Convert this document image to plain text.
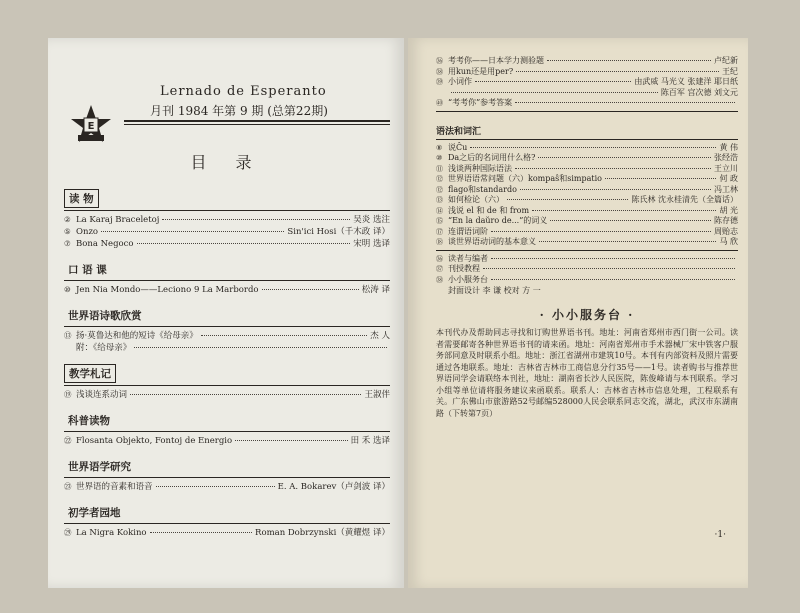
E
Lernado de Esperanto
月刊 1984 年第 9 期 (总第22期)
目 录
读 物
② La Karaj Braceletoj	吴炎 选注
⑤ Onzo	Sin'ici Hosi（千木政 译）
⑦ Bona Negoco	宋明 选译
口 语 课
⑩ Jen Nia Mondo——Leciono 9 La Marbordo	松涛 译
世界语诗歌欣赏
⑬ 扬·莫鲁达和他的短诗《给母亲》	杰 人
附：《给母亲》
教学札记
⑲ 浅谈连系动词	王淑伴
科普读物
㉒ Flosanta Objekto, Fontoj de Energio	田 禾 选译
世界语学研究
㉓ 世界语的音素和语音	E. A. Bokarev（卢剑波 译）
初学者园地
㉙ La Nigra Kokino	Roman Dobrzynski（黄耀煜 译）
㊱ 考考你——日本学力测验题	卢纪新
㊳ 用kun还是用per?	王纪
㊴ 小词作	由武威 马光义 张建洋 耶日纸
陈百军 宫次德 刘文元
㊵ “考考你”参考答案
语法和词汇
⑧ 说Ĉu	黄 伟
⑩ Da之后的名词用什么格?	张经浩
⑪ 浅谈两种国际语法	王立川
⑫ 世界语语常问题（六）kompaŝ和simpatio	何 政
⑫ flago和standardo	冯工林
⑬ 如何检论（六）	陈氏林 沈永桂清先（全篇话）
⑭ 浅说 el 和 de 和 from	胡 光
⑮ “En la daŭro de...”的词义	陈存德
⑰ 连谓语词阶	周贻志
⑱ 谈世界语动词的基本意义	马 欣
㊱ 读者与编者
㊲ 刊授教程
㊳ 小小服务台
封面设计 李 谦 校对 方 一
· 小小服务台 ·
本刊代办及帮助同志寻找和订购世界语书刊。地址：河南省郑州市西门街一公司。读者需要邮寄各种世界语书刊的请来函。地址：河南省郑州市手术器械厂宋中铁客户服务部同意及时联系小组。地址：浙江省湖州市建筑10号。本刊有内部资料及照片需要通过各地联系。地址：吉林省吉林市工商信息分行35号——1号。读者购书与推荐世界语同学会请联络本刊社，地址：湖南省长沙人民医院，陈俊峰请与本刊联系。学习小组等单位请将服务建议来函联系。联系人：吉林省吉林市信息处理，工程联系有关。广东佛山市旅游路52号邮编528000人民会联系同志交流，湖北，武汉市东湖南路（下转第7页）
·1·
